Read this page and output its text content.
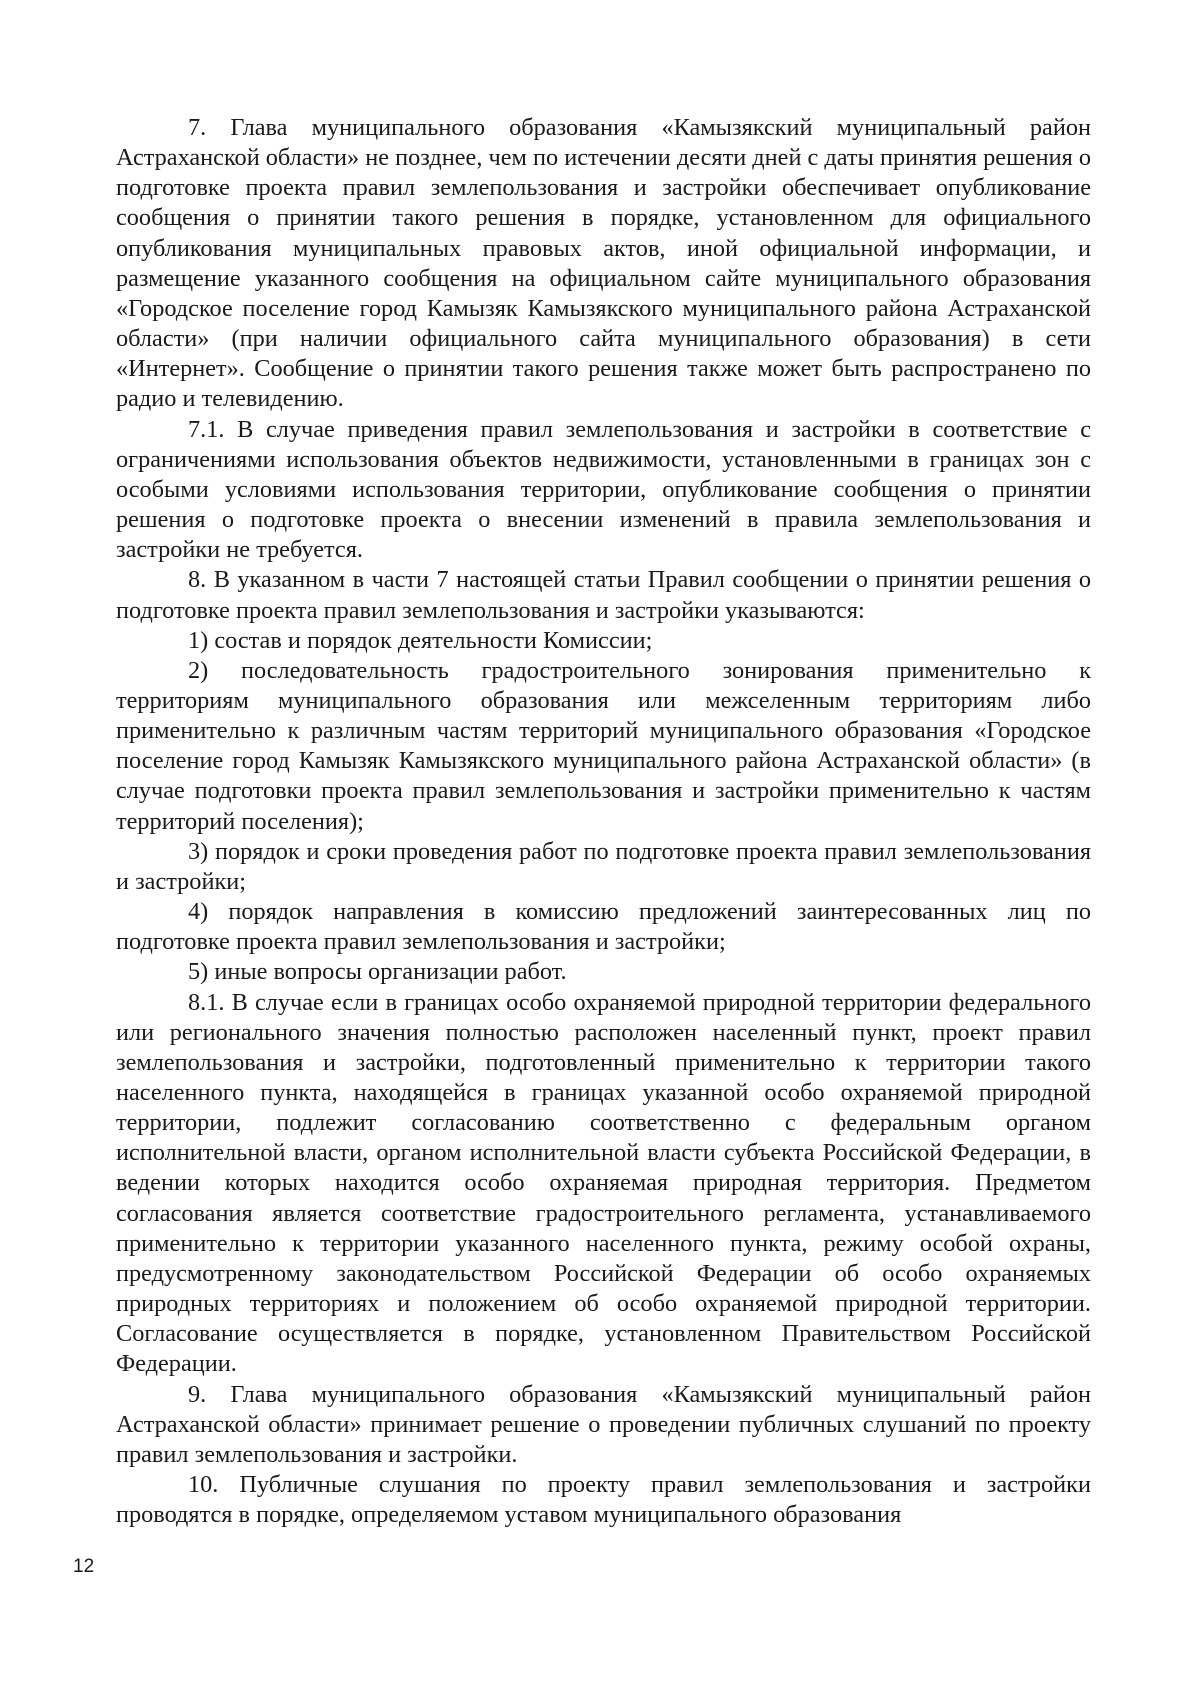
7. Глава муниципального образования «Камызякский муниципальный район Астраханской области» не позднее, чем по истечении десяти дней с даты принятия решения о подготовке проекта правил землепользования и застройки обеспечивает опубликование сообщения о принятии такого решения в порядке, установленном для официального опубликования муниципальных правовых актов, иной официальной информации, и размещение указанного сообщения на официальном сайте муниципального образования «Городское поселение город Камызяк Камызякского муниципального района Астраханской области» (при наличии официального сайта муниципального образования) в сети «Интернет». Сообщение о принятии такого решения также может быть распространено по радио и телевидению.

7.1. В случае приведения правил землепользования и застройки в соответствие с ограничениями использования объектов недвижимости, установленными в границах зон с особыми условиями использования территории, опубликование сообщения о принятии решения о подготовке проекта о внесении изменений в правила землепользования и застройки не требуется.

8. В указанном в части 7 настоящей статьи Правил сообщении о принятии решения о подготовке проекта правил землепользования и застройки указываются:

1) состав и порядок деятельности Комиссии;

2) последовательность градостроительного зонирования применительно к территориям муниципального образования или межселенным территориям либо применительно к различным частям территорий муниципального образования «Городское поселение город Камызяк Камызякского муниципального района Астраханской области» (в случае подготовки проекта правил землепользования и застройки применительно к частям территорий поселения);

3) порядок и сроки проведения работ по подготовке проекта правил землепользования и застройки;

4) порядок направления в комиссию предложений заинтересованных лиц по подготовке проекта правил землепользования и застройки;

5) иные вопросы организации работ.

8.1. В случае если в границах особо охраняемой природной территории федерального или регионального значения полностью расположен населенный пункт, проект правил землепользования и застройки, подготовленный применительно к территории такого населенного пункта, находящейся в границах указанной особо охраняемой природной территории, подлежит согласованию соответственно с федеральным органом исполнительной власти, органом исполнительной власти субъекта Российской Федерации, в ведении которых находится особо охраняемая природная территория. Предметом согласования является соответствие градостроительного регламента, устанавливаемого применительно к территории указанного населенного пункта, режиму особой охраны, предусмотренному законодательством Российской Федерации об особо охраняемых природных территориях и положением об особо охраняемой природной территории. Согласование осуществляется в порядке, установленном Правительством Российской Федерации.

9. Глава муниципального образования «Камызякский муниципальный район Астраханской области» принимает решение о проведении публичных слушаний по проекту правил землепользования и застройки.

10. Публичные слушания по проекту правил землепользования и застройки проводятся в порядке, определяемом уставом муниципального образования

12
